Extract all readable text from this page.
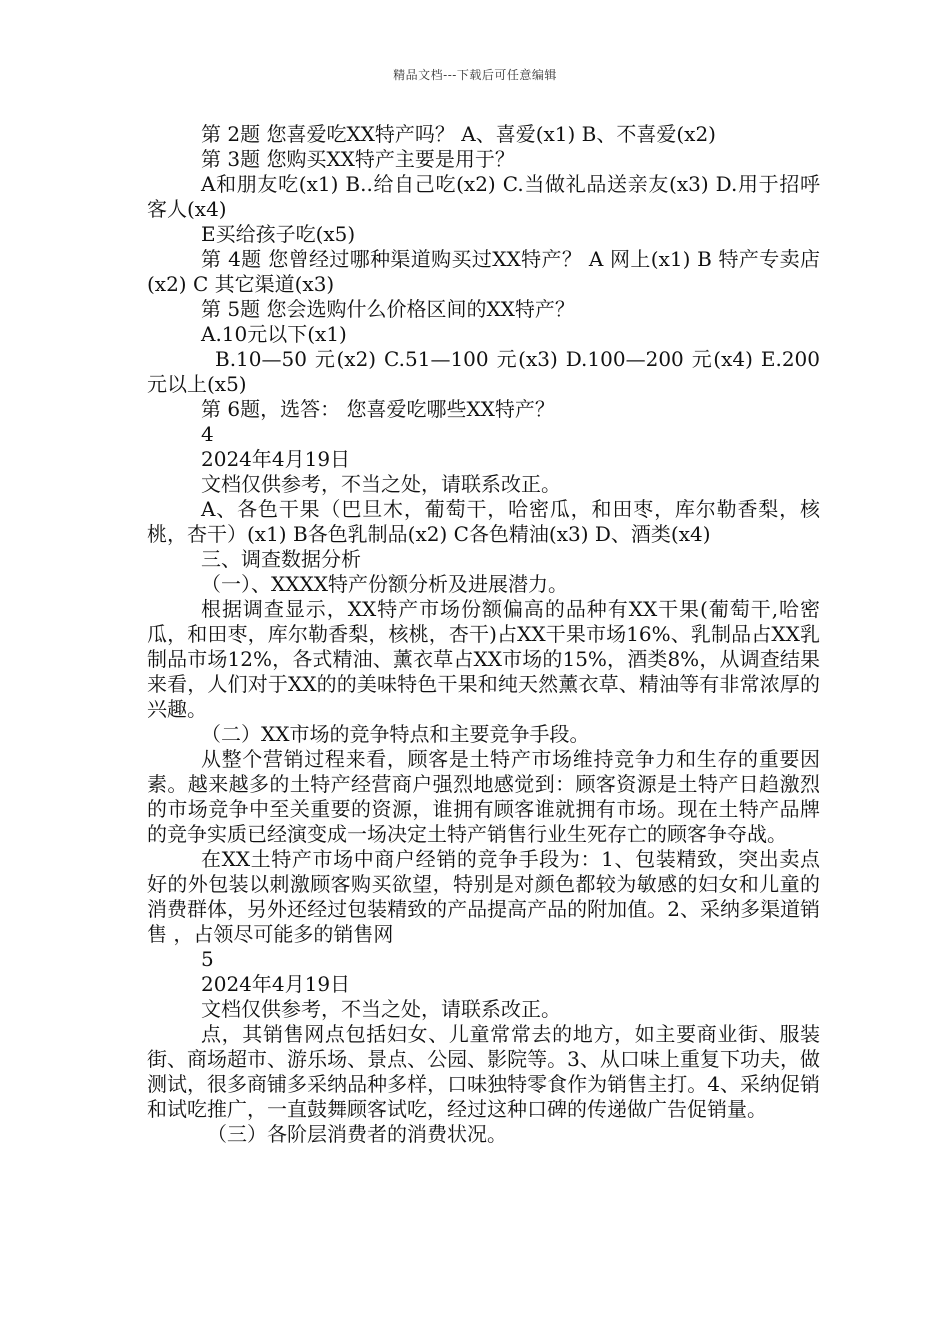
精品文档---下载后可任意编辑

第 2题 您喜爱吃XX特产吗？ A、喜爱(x1) B、不喜爱(x2)

第 3题 您购买XX特产主要是用于？

A和朋友吃(x1) B..给自己吃(x2) C.当做礼品送亲友(x3) D.用于招呼客人(x4)

E买给孩子吃(x5)

第 4题 您曾经过哪种渠道购买过XX特产？ A 网上(x1) B 特产专卖店(x2) C 其它渠道(x3)

第 5题 您会选购什么价格区间的XX特产？

A.10元以下(x1)

B.10—50 元(x2) C.51—100 元(x3) D.100—200 元(x4) E.200元以上(x5)

第 6题，选答： 您喜爱吃哪些XX特产？

4

2024年4月19日

文档仅供参考，不当之处，请联系改正。

A、各色干果（巴旦木，葡萄干，哈密瓜，和田枣，库尔勒香梨，核桃，杏干）(x1) B各色乳制品(x2) C各色精油(x3) D、酒类(x4)

三、调查数据分析

（一）、XXXX特产份额分析及进展潜力。

根据调查显示，XX特产市场份额偏高的品种有XX干果(葡萄干,哈密瓜，和田枣，库尔勒香梨，核桃，杏干)占XX干果市场16%、乳制品占XX乳制品市场12%，各式精油、薰衣草占XX市场的15%，酒类8%，从调查结果来看，人们对于XX的的美味特色干果和纯天然薰衣草、精油等有非常浓厚的兴趣。

（二）XX市场的竞争特点和主要竞争手段。

从整个营销过程来看，顾客是土特产市场维持竞争力和生存的重要因素。越来越多的土特产经营商户强烈地感觉到：顾客资源是土特产日趋激烈的市场竞争中至关重要的资源，谁拥有顾客谁就拥有市场。现在土特产品牌的竞争实质已经演变成一场决定土特产销售行业生死存亡的顾客争夺战。

在XX土特产市场中商户经销的竞争手段为：1、包装精致，突出卖点好的外包装以刺激顾客购买欲望，特别是对颜色都较为敏感的妇女和儿童的消费群体，另外还经过包装精致的产品提高产品的附加值。2、采纳多渠道销售 ，占领尽可能多的销售网

5

2024年4月19日

文档仅供参考，不当之处，请联系改正。

点，其销售网点包括妇女、儿童常常去的地方，如主要商业街、服装街、商场超市、游乐场、景点、公园、影院等。3、从口味上重复下功夫，做测试，很多商铺多采纳品种多样，口味独特零食作为销售主打。4、采纳促销和试吃推广，一直鼓舞顾客试吃，经过这种口碑的传递做广告促销量。

（三）各阶层消费者的消费状况。
